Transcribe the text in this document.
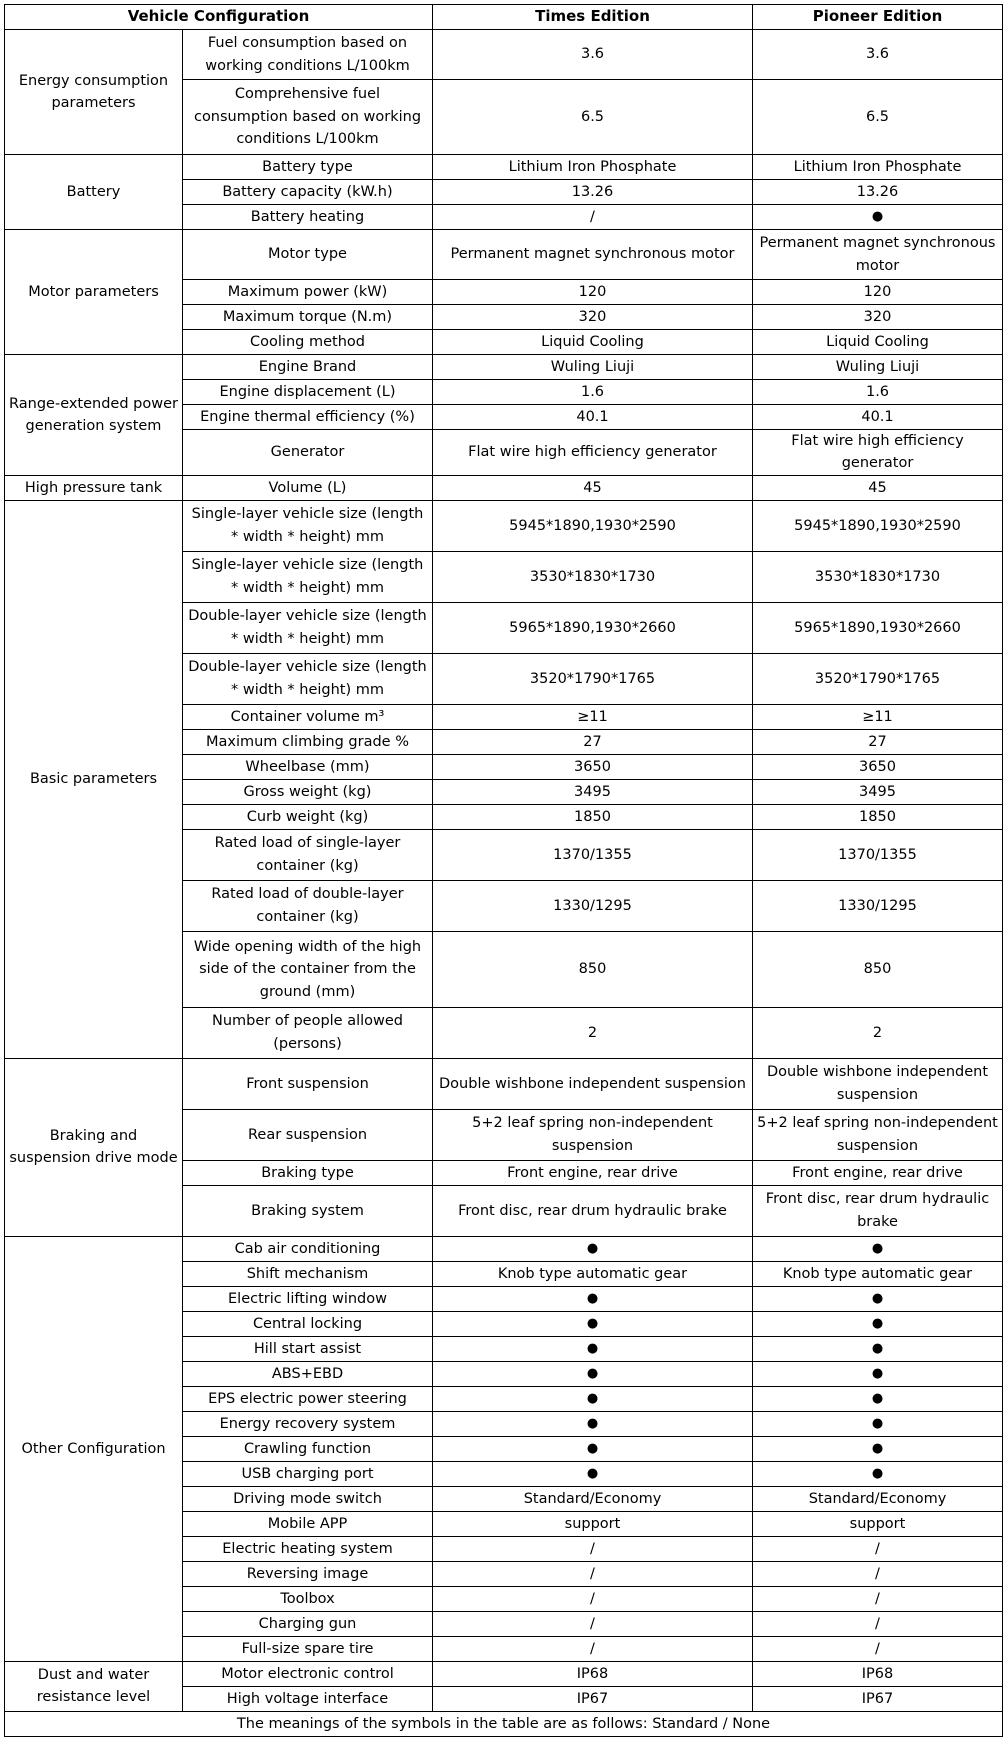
Vehicle Configuration		Times Edition	Pioneer Edition
Energy consumption parameters	Fuel consumption based on working conditions L/100km	3.6	3.6
	Comprehensive fuel consumption based on working conditions L/100km	6.5	6.5
Battery	Battery type	Lithium Iron Phosphate	Lithium Iron Phosphate
	Battery capacity (kW.h)	13.26	13.26
	Battery heating	/	●
Motor parameters	Motor type	Permanent magnet synchronous motor	Permanent magnet synchronous motor
	Maximum power (kW)	120	120
	Maximum torque (N.m)	320	320
	Cooling method	Liquid Cooling	Liquid Cooling
Range-extended power generation system	Engine Brand	Wuling Liuji	Wuling Liuji
	Engine displacement (L)	1.6	1.6
	Engine thermal efficiency (%)	40.1	40.1
	Generator	Flat wire high efficiency generator	Flat wire high efficiency generator
High pressure tank	Volume (L)	45	45
Basic parameters	Single-layer vehicle size (length * width * height) mm	5945*1890,1930*2590	5945*1890,1930*2590
	Single-layer vehicle size (length * width * height) mm	3530*1830*1730	3530*1830*1730
	Double-layer vehicle size (length * width * height) mm	5965*1890,1930*2660	5965*1890,1930*2660
	Double-layer vehicle size (length * width * height) mm	3520*1790*1765	3520*1790*1765
	Container volume m³	≥11	≥11
	Maximum climbing grade %	27	27
	Wheelbase (mm)	3650	3650
	Gross weight (kg)	3495	3495
	Curb weight (kg)	1850	1850
	Rated load of single-layer container (kg)	1370/1355	1370/1355
	Rated load of double-layer container (kg)	1330/1295	1330/1295
	Wide opening width of the high side of the container from the ground (mm)	850	850
	Number of people allowed (persons)	2	2
Braking and suspension drive mode	Front suspension	Double wishbone independent suspension	Double wishbone independent suspension
	Rear suspension	5+2 leaf spring non-independent suspension	5+2 leaf spring non-independent suspension
	Braking type	Front engine, rear drive	Front engine, rear drive
	Braking system	Front disc, rear drum hydraulic brake	Front disc, rear drum hydraulic brake
Other Configuration	Cab air conditioning	●	●
	Shift mechanism	Knob type automatic gear	Knob type automatic gear
	Electric lifting window	●	●
	Central locking	●	●
	Hill start assist	●	●
	ABS+EBD	●	●
	EPS electric power steering	●	●
	Energy recovery system	●	●
	Crawling function	●	●
	USB charging port	●	●
	Driving mode switch	Standard/Economy	Standard/Economy
	Mobile APP	support	support
	Electric heating system	/	/
	Reversing image	/	/
	Toolbox	/	/
	Charging gun	/	/
	Full-size spare tire	/	/
Dust and water resistance level	Motor electronic control	IP68	IP68
	High voltage interface	IP67	IP67
The meanings of the symbols in the table are as follows: Standard / None			
